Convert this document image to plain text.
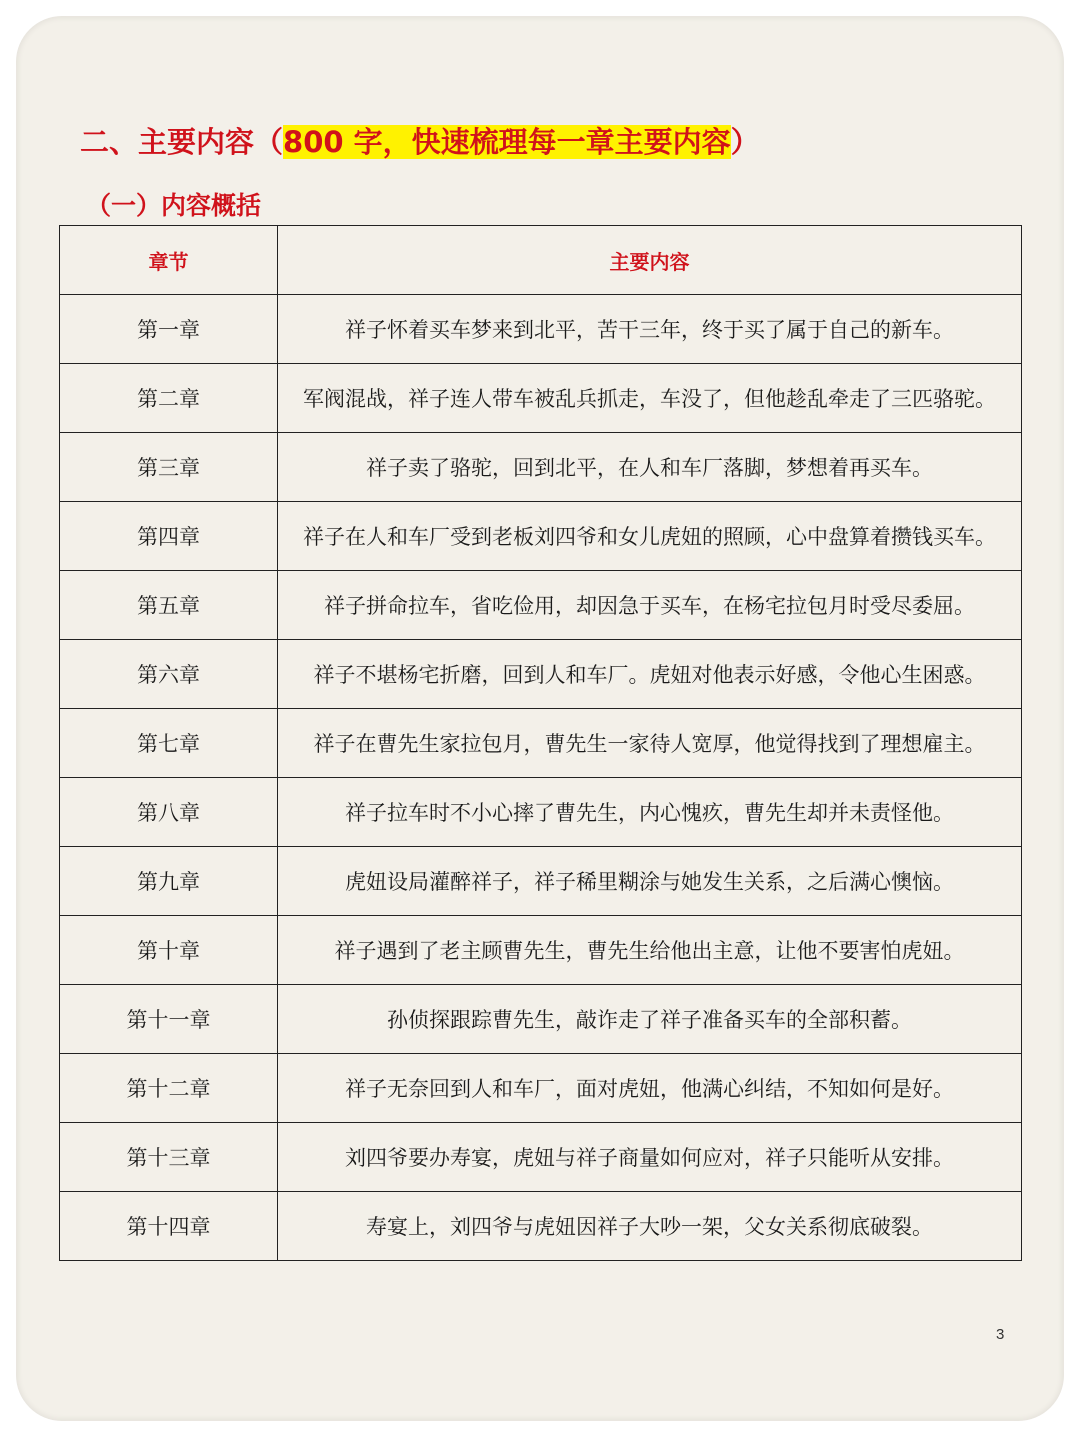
二、主要内容（800 字，快速梳理每一章主要内容）
（一）内容概括
章节	主要内容
第一章	祥子怀着买车梦来到北平，苦干三年，终于买了属于自己的新车。
第二章	军阀混战，祥子连人带车被乱兵抓走，车没了，但他趁乱牵走了三匹骆驼。
第三章	祥子卖了骆驼，回到北平，在人和车厂落脚，梦想着再买车。
第四章	祥子在人和车厂受到老板刘四爷和女儿虎妞的照顾，心中盘算着攒钱买车。
第五章	祥子拼命拉车，省吃俭用，却因急于买车，在杨宅拉包月时受尽委屈。
第六章	祥子不堪杨宅折磨，回到人和车厂。虎妞对他表示好感，令他心生困惑。
第七章	祥子在曹先生家拉包月，曹先生一家待人宽厚，他觉得找到了理想雇主。
第八章	祥子拉车时不小心摔了曹先生，内心愧疚，曹先生却并未责怪他。
第九章	虎妞设局灌醉祥子，祥子稀里糊涂与她发生关系，之后满心懊恼。
第十章	祥子遇到了老主顾曹先生，曹先生给他出主意，让他不要害怕虎妞。
第十一章	孙侦探跟踪曹先生，敲诈走了祥子准备买车的全部积蓄。
第十二章	祥子无奈回到人和车厂，面对虎妞，他满心纠结，不知如何是好。
第十三章	刘四爷要办寿宴，虎妞与祥子商量如何应对，祥子只能听从安排。
第十四章	寿宴上，刘四爷与虎妞因祥子大吵一架，父女关系彻底破裂。
3
